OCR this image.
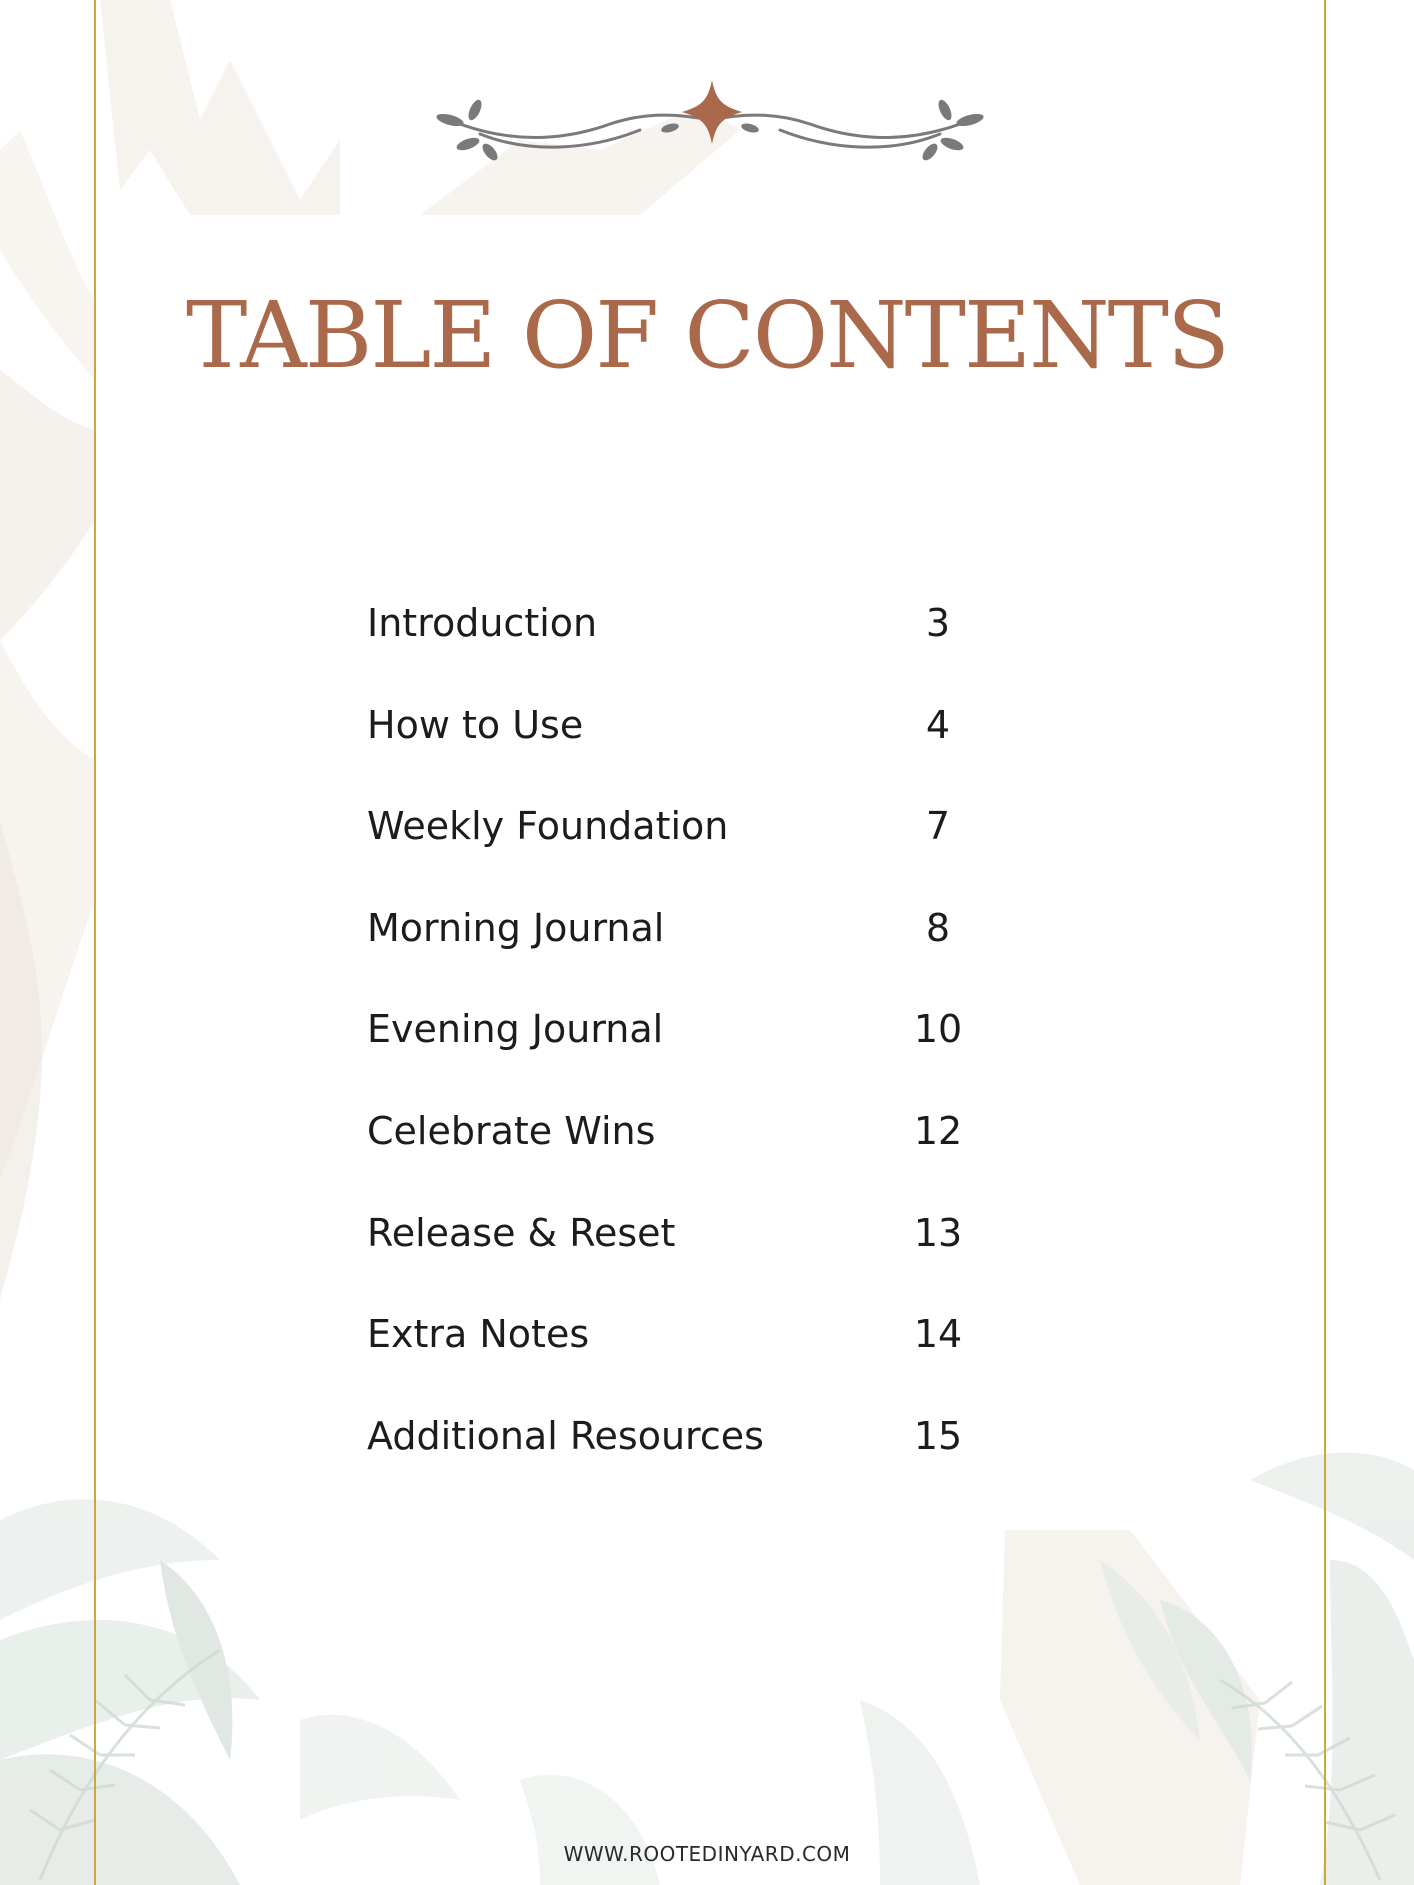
TABLE OF CONTENTS
Introduction	3
How to Use	4
Weekly Foundation	7
Morning Journal	8
Evening Journal	10
Celebrate Wins	12
Release & Reset	13
Extra Notes	14
Additional Resources	15
WWW.ROOTEDINYARD.COM
